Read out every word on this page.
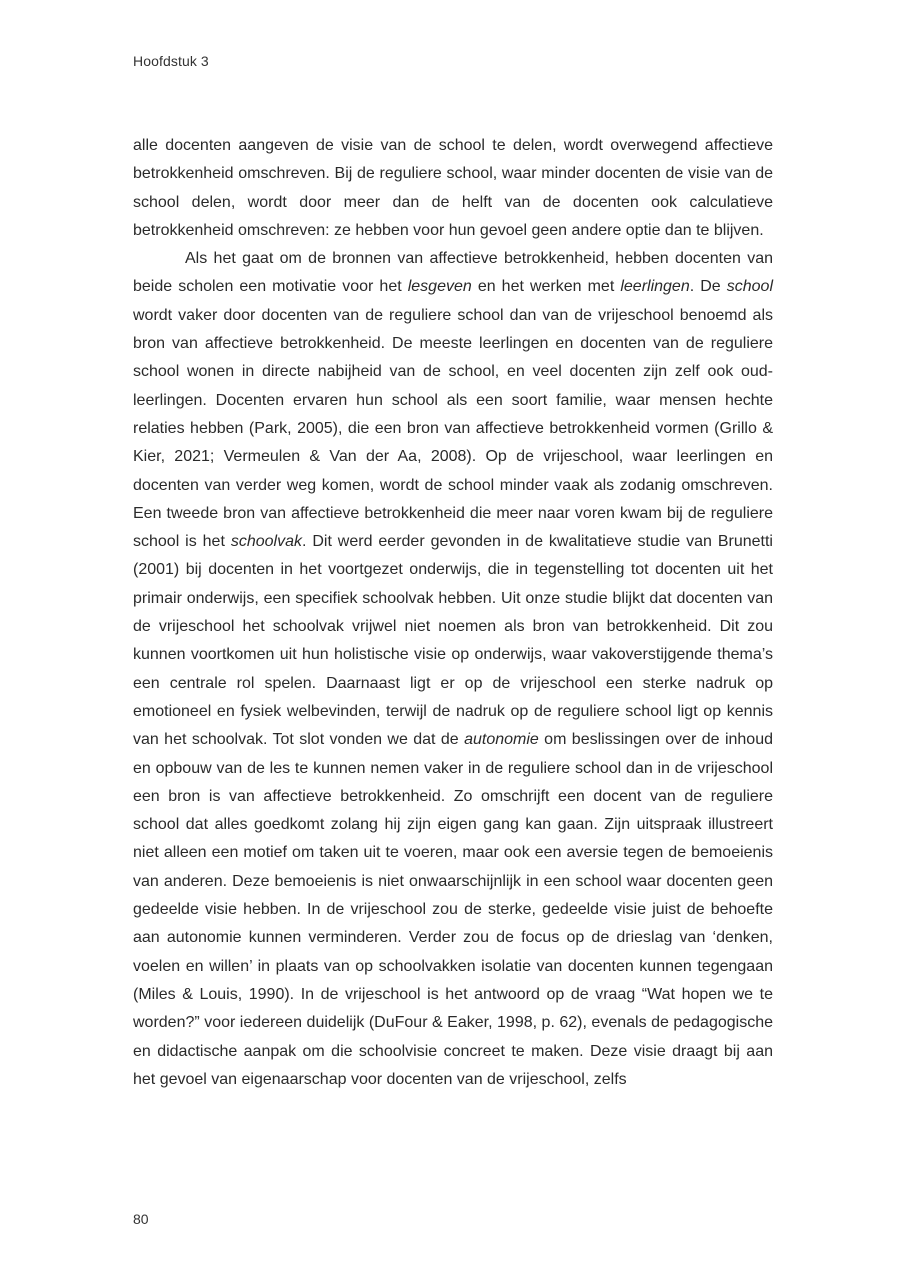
Hoofdstuk 3

alle docenten aangeven de visie van de school te delen, wordt overwegend affectieve betrokkenheid omschreven. Bij de reguliere school, waar minder docenten de visie van de school delen, wordt door meer dan de helft van de docenten ook calculatieve betrokkenheid omschreven: ze hebben voor hun gevoel geen andere optie dan te blijven.

Als het gaat om de bronnen van affectieve betrokkenheid, hebben docenten van beide scholen een motivatie voor het lesgeven en het werken met leerlingen. De school wordt vaker door docenten van de reguliere school dan van de vrijeschool benoemd als bron van affectieve betrokkenheid. De meeste leerlingen en docenten van de reguliere school wonen in directe nabijheid van de school, en veel docenten zijn zelf ook oud-leerlingen. Docenten ervaren hun school als een soort familie, waar mensen hechte relaties hebben (Park, 2005), die een bron van affectieve betrokkenheid vormen (Grillo & Kier, 2021; Vermeulen & Van der Aa, 2008). Op de vrijeschool, waar leerlingen en docenten van verder weg komen, wordt de school minder vaak als zodanig omschreven. Een tweede bron van affectieve betrokkenheid die meer naar voren kwam bij de reguliere school is het schoolvak. Dit werd eerder gevonden in de kwalitatieve studie van Brunetti (2001) bij docenten in het voortgezet onderwijs, die in tegenstelling tot docenten uit het primair onderwijs, een specifiek schoolvak hebben. Uit onze studie blijkt dat docenten van de vrijeschool het schoolvak vrijwel niet noemen als bron van betrokkenheid. Dit zou kunnen voortkomen uit hun holistische visie op onderwijs, waar vakoverstijgende thema’s een centrale rol spelen. Daarnaast ligt er op de vrijeschool een sterke nadruk op emotioneel en fysiek welbevinden, terwijl de nadruk op de reguliere school ligt op kennis van het schoolvak. Tot slot vonden we dat de autonomie om beslissingen over de inhoud en opbouw van de les te kunnen nemen vaker in de reguliere school dan in de vrijeschool een bron is van affectieve betrokkenheid. Zo omschrijft een docent van de reguliere school dat alles goedkomt zolang hij zijn eigen gang kan gaan. Zijn uitspraak illustreert niet alleen een motief om taken uit te voeren, maar ook een aversie tegen de bemoeienis van anderen. Deze bemoeienis is niet onwaarschijnlijk in een school waar docenten geen gedeelde visie hebben. In de vrijeschool zou de sterke, gedeelde visie juist de behoefte aan autonomie kunnen verminderen. Verder zou de focus op de drieslag van ‘denken, voelen en willen’ in plaats van op schoolvakken isolatie van docenten kunnen tegengaan (Miles & Louis, 1990). In de vrijeschool is het antwoord op de vraag “Wat hopen we te worden?” voor iedereen duidelijk (DuFour & Eaker, 1998, p. 62), evenals de pedagogische en didactische aanpak om die schoolvisie concreet te maken. Deze visie draagt bij aan het gevoel van eigenaarschap voor docenten van de vrijeschool, zelfs

80
